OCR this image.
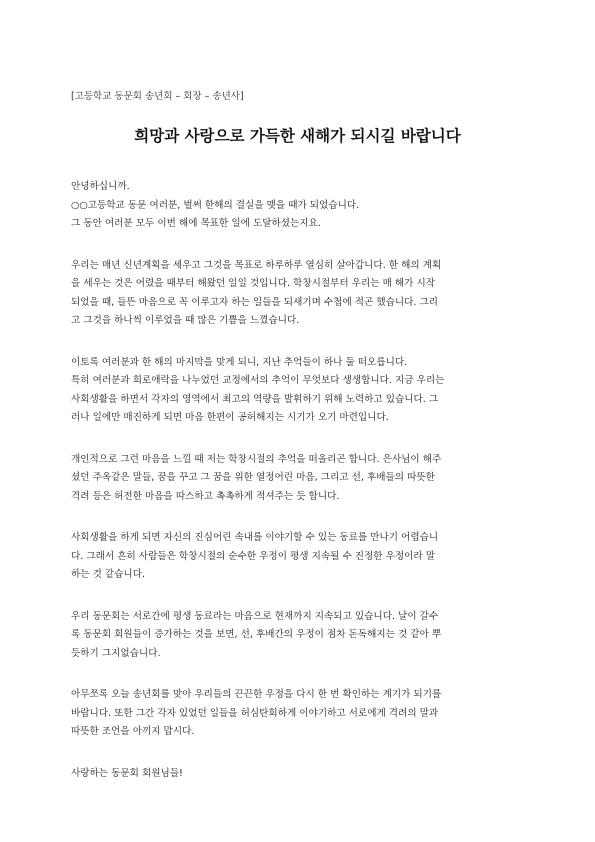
[고등학교 동문회 송년회 – 회장 – 송년사]
희망과 사랑으로 가득한 새해가 되시길 바랍니다
안녕하십니까.
○○고등학교 동문 여러분, 벌써 한해의 결실을 맺을 때가 되었습니다.
그 동안 여러분 모두 이번 해에 목표한 일에 도달하셨는지요.
우리는 매년 신년계획을 세우고 그것을 목표로 하루하루 열심히 살아갑니다. 한 해의 계획
을 세우는 것은 어렸을 때부터 해왔던 일일 것입니다. 학창시절부터 우리는 매 해가 시작
되었을 때, 들뜬 마음으로 꼭 이루고자 하는 일들을 되새기며 수첩에 적곤 했습니다. 그리
고 그것을 하나씩 이루었을 때 많은 기쁨을 느꼈습니다.
이토록 여러분과 한 해의 마지막을 맞게 되니, 지난 추억들이 하나 둘 떠오릅니다.
특히 여러분과 희로애락을 나누었던 교정에서의 추억이 무엇보다 생생합니다. 지금 우리는
사회생활을 하면서 각자의 영역에서 최고의 역량을 발휘하기 위해 노력하고 있습니다. 그
러나 일에만 매진하게 되면 마음 한편이 공허해지는 시기가 오기 마련입니다.
개인적으로 그런 마음을 느낄 때 저는 학창시절의 추억을 떠올리곤 합니다. 은사님이 해주
셨던 주옥같은 말들, 꿈을 꾸고 그 꿈을 위한 열정어린 마음, 그리고 선, 후배들의 따뜻한
격려 등은 허전한 마음을 따스하고 촉촉하게 적셔주는 듯 합니다.
사회생활을 하게 되면 자신의 진심어린 속내를 이야기할 수 있는 동료를 만나기 어렵습니
다. 그래서 흔히 사람들은 학창시절의 순수한 우정이 평생 지속될 수 진정한 우정이라 말
하는 것 같습니다.
우리 동문회는 서로간에 평생 동료라는 마음으로 현재까지 지속되고 있습니다. 날이 갈수
록 동문회 회원들이 증가하는 것을 보면, 선, 후배간의 우정이 점차 돈독해지는 것 같아 뿌
듯하기 그지없습니다.
아무쪼록 오늘 송년회를 맞아 우리들의 끈끈한 우정을 다시 한 번 확인하는 계기가 되기를
바랍니다. 또한 그간 각자 있었던 일들을 허심탄회하게 이야기하고 서로에게 격려의 말과
따뜻한 조언을 아끼지 맙시다.
사랑하는 동문회 회원님들!
